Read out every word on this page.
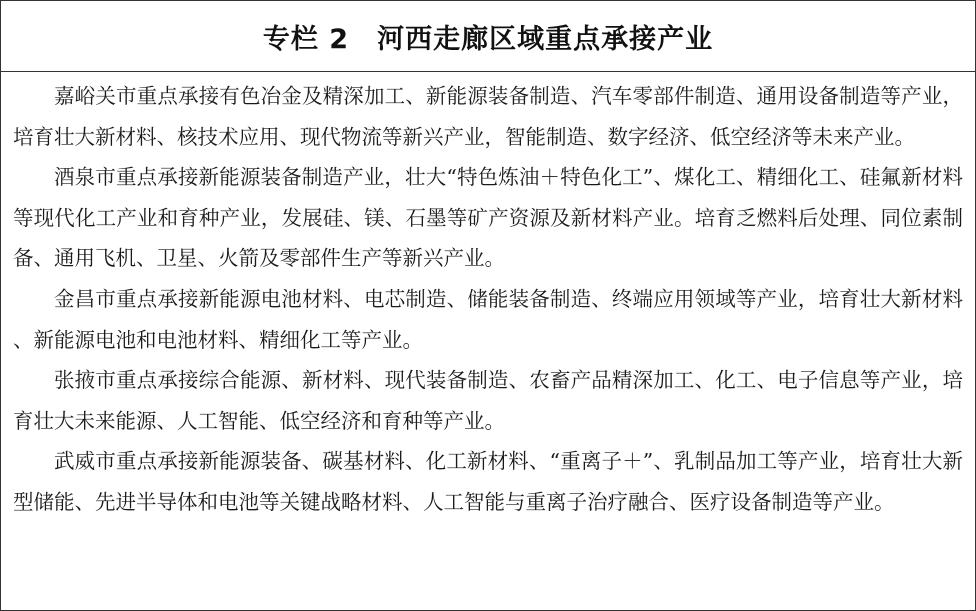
专栏 2　河西走廊区域重点承接产业

嘉峪关市重点承接有色冶金及精深加工、新能源装备制造、汽车零部件制造、通用设备制造等产业，培育壮大新材料、核技术应用、现代物流等新兴产业，智能制造、数字经济、低空经济等未来产业。

酒泉市重点承接新能源装备制造产业，壮大“特色炼油＋特色化工”、煤化工、精细化工、硅氟新材料等现代化工产业和育种产业，发展硅、镁、石墨等矿产资源及新材料产业。培育乏燃料后处理、同位素制备、通用飞机、卫星、火箭及零部件生产等新兴产业。

金昌市重点承接新能源电池材料、电芯制造、储能装备制造、终端应用领域等产业，培育壮大新材料、新能源电池和电池材料、精细化工等产业。

张掖市重点承接综合能源、新材料、现代装备制造、农畜产品精深加工、化工、电子信息等产业，培育壮大未来能源、人工智能、低空经济和育种等产业。

武威市重点承接新能源装备、碳基材料、化工新材料、“重离子＋”、乳制品加工等产业，培育壮大新型储能、先进半导体和电池等关键战略材料、人工智能与重离子治疗融合、医疗设备制造等产业。
